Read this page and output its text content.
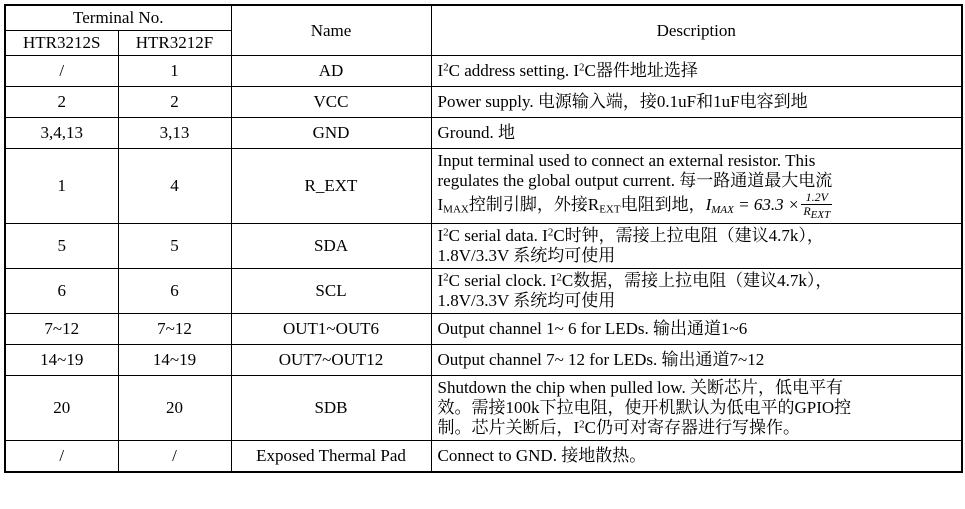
Terminal No.		Name	Description
HTR3212S	HTR3212F		
/	1	AD	$I^2C$ address setting. $I^2C$器件地址选择
2	2	VCC	Power supply. 电源输入端，接0.1uF和1uF电容到地
3,4,13	3,13	GND	Ground. 地
1	4	R_EXT	Input terminal used to connect an external resistor. This
regulates the global output current. 每一路通道最大电流
$I_{MAX}$控制引脚，外接$R_{EXT}$电阻到地，$I_{MAX} = 63.3 \times \frac{1.2V}{R_{EXT}}$

5	5	SDA	$I^2C$ serial data. $I^2C$时钟，需接上拉电阻（建议4.7k），
1.8V/3.3V 系统均可使用

6	6	SCL	$I^2C$ serial clock. $I^2C$数据，需接上拉电阻（建议4.7k），
1.8V/3.3V 系统均可使用

7~12	7~12	OUT1~OUT6	Output channel 1~ 6 for LEDs. 输出通道1~6
14~19	14~19	OUT7~OUT12	Output channel 7~ 12 for LEDs. 输出通道7~12
20	20	SDB	Shutdown the chip when pulled low. 关断芯片，低电平有
效。需接100k下拉电阻，使开机默认为低电平的GPIO控
制。芯片关断后，$I^2C$仍可对寄存器进行写操作。

/	/	Exposed Thermal Pad	Connect to GND. 接地散热。
